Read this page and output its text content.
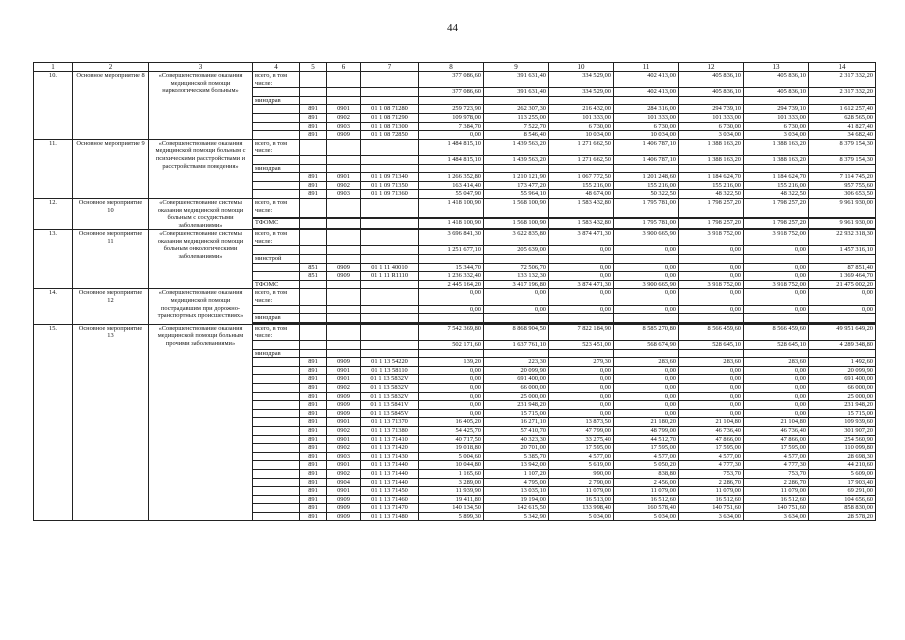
44
1	2	3	4	5	6	7	8	9	10	11	12	13	14
10.	Основное мероприятие 8	«Совершенствование оказания медицинской помощи наркологическим больным»	всего, в том числе:				377 086,60	391 631,40	334 529,00	402 413,00	405 836,10	405 836,10	2 317 332,20
							377 086,60	391 631,40	334 529,00	402 413,00	405 836,10	405 836,10	2 317 332,20
			минздрав										
				891	0901	01 1 08 71280	259 723,90	262 307,30	216 432,00	284 316,00	294 739,10	294 739,10	1 612 257,40
				891	0902	01 1 08 71290	109 978,00	113 255,00	101 333,00	101 333,00	101 333,00	101 333,00	628 565,00
				891	0903	01 1 08 71300	7 384,70	7 522,70	6 730,00	6 730,00	6 730,00	6 730,00	41 827,40
				891	0909	01 1 08 72850	0,00	8 546,40	10 034,00	10 034,00	3 034,00	3 034,00	34 682,40
11.	Основное мероприятие 9	«Совершенствование оказания медицинской помощи больным с психическими расстройствами и расстройствами поведения»	всего, в том числе:				1 484 815,10	1 439 563,20	1 271 662,50	1 406 787,10	1 388 163,20	1 388 163,20	8 379 154,30
							1 484 815,10	1 439 563,20	1 271 662,50	1 406 787,10	1 388 163,20	1 388 163,20	8 379 154,30
			минздрав										
				891	0901	01 1 09 71340	1 266 352,80	1 210 121,90	1 067 772,50	1 201 248,60	1 184 624,70	1 184 624,70	7 114 745,20
				891	0902	01 1 09 71350	163 414,40	173 477,20	155 216,00	155 216,00	155 216,00	155 216,00	957 755,60
				891	0903	01 1 09 71360	55 047,90	55 964,10	48 674,00	50 322,50	48 322,50	48 322,50	306 653,50
12.	Основное мероприятие 10	«Совершенствование системы оказания медицинской помощи больным с сосудистыми заболеваниями»	всего, в том числе:				1 418 100,90	1 568 100,90	1 583 432,80	1 795 781,00	1 798 257,20	1 798 257,20	9 961 930,00

			ТФОМС				1 418 100,90	1 568 100,90	1 583 432,80	1 795 781,00	1 798 257,20	1 798 257,20	9 961 930,00

13.	Основное мероприятие 11	«Совершенствование системы оказания медицинской помощи больным онкологическими заболеваниями»	всего, в том числе:				3 696 841,30	3 622 835,80	3 874 471,30	3 900 665,90	3 918 752,00	3 918 752,00	22 932 318,30
							1 251 677,10	205 639,00	0,00	0,00	0,00	0,00	1 457 316,10
			минстрой										
				851	0909	01 1 11 40010	15 344,70	72 506,70	0,00	0,00	0,00	0,00	87 851,40
				851	0909	01 1 11 R1110	1 236 332,40	133 132,30	0,00	0,00	0,00	0,00	1 369 464,70
			ТФОМС				2 445 164,20	3 417 196,80	3 874 471,30	3 900 665,90	3 918 752,00	3 918 752,00	21 475 002,20
14.	Основное мероприятие 12	«Совершенствование оказания медицинской помощи пострадавшим при дорожно-транспортных происшествиях»	всего, в том числе:				0,00	0,00	0,00	0,00	0,00	0,00	0,00
							0,00	0,00	0,00	0,00	0,00	0,00	0,00
			минздрав										

15.	Основное мероприятие 13	«Совершенствование оказания медицинской помощи больным прочими заболеваниями»	всего, в том числе:				7 542 369,80	8 868 904,50	7 822 184,90	8 585 270,80	8 566 459,60	8 566 459,60	49 951 649,20
							502 171,60	1 637 761,10	523 451,00	568 674,90	528 645,10	528 645,10	4 289 348,80
			минздрав										
				891	0909	01 1 13 54220	139,20	223,30	279,30	283,60	283,60	283,60	1 492,60
				891	0901	01 1 13 58110	0,00	20 099,90	0,00	0,00	0,00	0,00	20 099,90
				891	0901	01 1 13 5832V	0,00	691 400,00	0,00	0,00	0,00	0,00	691 400,00
				891	0902	01 1 13 5832V	0,00	66 000,00	0,00	0,00	0,00	0,00	66 000,00
				891	0909	01 1 13 5832V	0,00	25 000,00	0,00	0,00	0,00	0,00	25 000,00
				891	0909	01 1 13 5841V	0,00	231 948,20	0,00	0,00	0,00	0,00	231 948,20
				891	0909	01 1 13 5845V	0,00	15 715,00	0,00	0,00	0,00	0,00	15 715,00
				891	0901	01 1 13 71370	16 405,20	16 271,10	13 873,50	21 180,20	21 104,80	21 104,80	109 939,60
				891	0902	01 1 13 71380	54 425,70	57 410,70	47 799,00	48 799,00	46 736,40	46 736,40	301 907,20
				891	0901	01 1 13 71410	40 717,50	40 323,30	33 275,40	44 512,70	47 866,00	47 866,00	254 560,90
				891	0902	01 1 13 71420	19 018,80	20 701,00	17 595,00	17 595,00	17 595,00	17 595,00	110 099,80
				891	0903	01 1 13 71430	5 004,60	5 385,70	4 577,00	4 577,00	4 577,00	4 577,00	28 698,30
				891	0901	01 1 13 71440	10 044,80	13 942,00	5 619,00	5 050,20	4 777,30	4 777,30	44 210,60
				891	0902	01 1 13 71440	1 165,60	1 107,20	990,00	838,80	753,70	753,70	5 609,00
				891	0904	01 1 13 71440	3 289,00	4 795,00	2 790,00	2 456,00	2 286,70	2 286,70	17 903,40
				891	0901	01 1 13 71450	11 939,90	13 035,10	11 079,00	11 079,00	11 079,00	11 079,00	69 291,00
				891	0909	01 1 13 71460	19 411,80	19 194,00	16 513,00	16 512,60	16 512,60	16 512,60	104 656,60
				891	0909	01 1 13 71470	140 134,50	142 615,50	133 998,40	160 578,40	140 751,60	140 751,60	858 830,00
				891	0909	01 1 13 71480	5 899,30	5 342,90	5 034,00	5 034,00	3 634,00	3 634,00	28 578,20
